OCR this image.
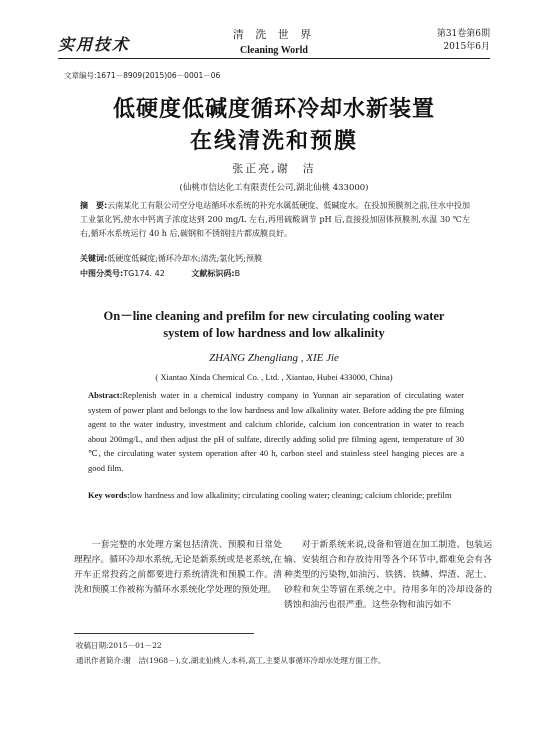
实用技术
清 洗 世 界
Cleaning World
第31卷第6期
2015年6月
文章编号:1671－8909(2015)06－0001－06
低硬度低碱度循环冷却水新装置
在线清洗和预膜
张正亮,谢　洁
(仙桃市信达化工有限责任公司,湖北仙桃 433000)
摘　要:云南某化工有限公司空分电站循环水系统的补充水属低硬度、低碱度水。在投加预膜剂之前,往水中投加工业氯化钙,使水中钙离子浓度达到 200 mg/L 左右,再用硫酸调节 pH 后,直接投加固体预膜剂,水温 30 ℃左右,循环水系统运行 40 h 后,碳钢和不锈钢挂片都成膜良好。
关键词:低硬度低碱度;循环冷却水;清洗;氯化钙;预膜
中图分类号:TG174. 42	文献标识码:B
On－line cleaning and prefilm for new circulating cooling water
system of low hardness and low alkalinity
ZHANG Zhengliang , XIE Jie
( Xiantao Xinda Chemical Co. , Ltd. , Xiantao, Hubei 433000, China)
Abstract:Replenish water in a chemical industry company in Yunnan air separation of circulating water system of power plant and belongs to the low hardness and low alkalinity water. Before adding the pre filming agent to the water industry, investment and calcium chloride, calcium ion concentration in water to reach about 200mg/L, and then adjust the pH of sulfate, directly adding solid pre filming agent, temperature of 30 ℃, the circulating water system operation after 40 h, carbon steel and stainless steel hanging pieces are a good film.
Key words:low hardness and low alkalinity; circulating cooling water; cleaning; calcium chloride; prefilm

一套完整的水处理方案包括清洗、预膜和日常处理程序。循环冷却水系统,无论是新系统或是老系统,在开车正常投药之前都要进行系统清洗和预膜工作。清洗和预膜工作被称为循环水系统化学处理的预处理。

对于新系统来说,设备和管道在加工制造、包装运输、安装组合和存放待用等各个环节中,都难免会有各种类型的污染物,如油污、铁锈、铁鳞、焊渣、泥土、砂粒和灰尘等留在系统之中。待用多年的冷却设备的锈蚀和油污也很严重。这些杂物和油污如不

收稿日期:2015－01－22
通讯作者简介:谢　洁(1968－),女,湖北仙桃人,本科,高工,主要从事循环冷却水处理方面工作。
